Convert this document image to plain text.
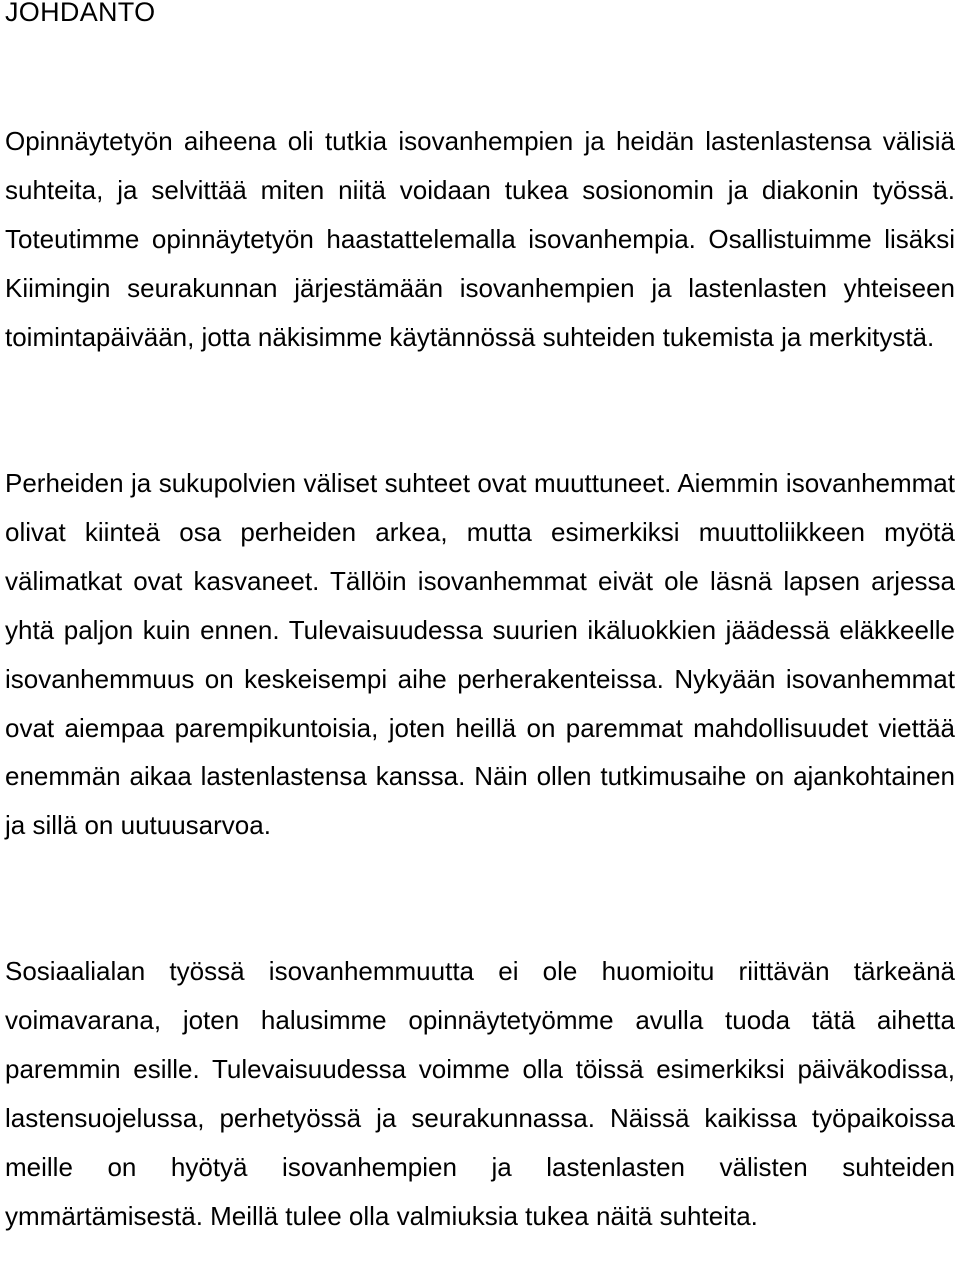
JOHDANTO

Opinnäytetyön aiheena oli tutkia isovanhempien ja heidän lastenlastensa välisiä suhteita, ja selvittää miten niitä voidaan tukea sosionomin ja diakonin työssä. Toteutimme opinnäytetyön haastattelemalla isovanhempia. Osallistuimme lisäksi Kiimingin seurakunnan järjestämään isovanhempien ja lastenlasten yhteiseen toimintapäivään, jotta näkisimme käytännössä suhteiden tukemista ja merkitystä.

Perheiden ja sukupolvien väliset suhteet ovat muuttuneet. Aiemmin isovanhemmat olivat kiinteä osa perheiden arkea, mutta esimerkiksi muuttoliikkeen myötä välimatkat ovat kasvaneet. Tällöin isovanhemmat eivät ole läsnä lapsen arjessa yhtä paljon kuin ennen. Tulevaisuudessa suurien ikäluokkien jäädessä eläkkeelle isovanhemmuus on keskeisempi aihe perherakenteissa. Nykyään isovanhemmat ovat aiempaa parempikuntoisia, joten heillä on paremmat mahdollisuudet viettää enemmän aikaa lastenlastensa kanssa. Näin ollen tutkimusaihe on ajankohtainen ja sillä on uutuusarvoa.

Sosiaalialan työssä isovanhemmuutta ei ole huomioitu riittävän tärkeänä voimavarana, joten halusimme opinnäytetyömme avulla tuoda tätä aihetta paremmin esille. Tulevaisuudessa voimme olla töissä esimerkiksi päiväkodissa, lastensuojelussa, perhetyössä ja seurakunnassa. Näissä kaikissa työpaikoissa meille on hyötyä isovanhempien ja lastenlasten välisten suhteiden ymmärtämisestä. Meillä tulee olla valmiuksia tukea näitä suhteita.
